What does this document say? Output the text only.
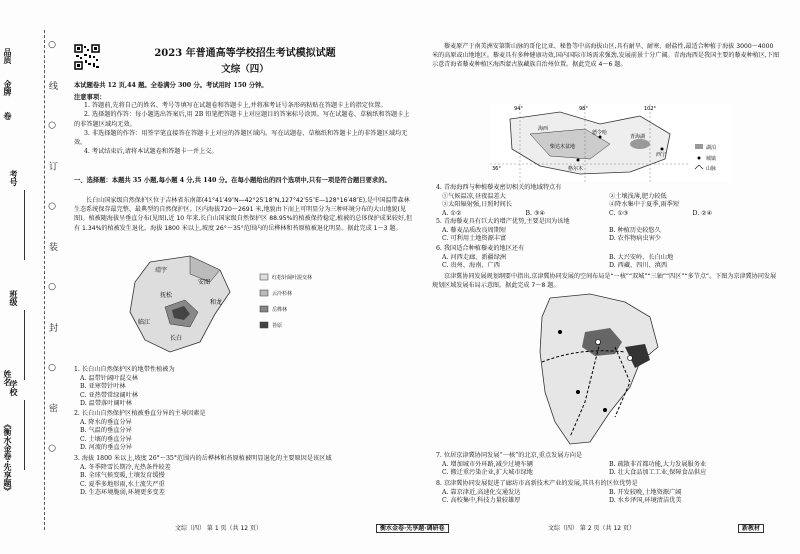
○ 线 ○ 订 ○ 装 ○ 封 ○ 密 ○
考号
班级
学校
《衡水金卷·先享题》
姓名
品质
金牌
卷
2023 年普通高等学校招生考试模拟试题
文综（四）
本试题卷共 12 页,44 题。全卷满分 300 分。考试用时 150 分钟。
注意事项：

1. 答题前,先将自己的姓名、考号等填写在试题卷和答题卡上,并将准考证号条形码粘贴在答题卡上的指定位置。

2. 选择题的作答：每小题选出答案后,用 2B 铅笔把答题卡上对应题目的答案标号涂黑。写在试题卷、草稿纸和答题卡上的非答题区域均无效。

3. 非选择题的作答：用签字笔直接答在答题卡上对应的答题区域内。写在试题卷、草稿纸和答题卡上的非答题区域均无效。

4. 考试结束后,请将本试题卷和答题卡一并上交。

一、选择题：本题共 35 小题,每小题 4 分,共 140 分。在每小题给出的四个选项中,只有一项是符合题目要求的。
长白山国家级自然保护区位于吉林省东南部(41°41′49″N—42°25′18″N,127°42′55″E—128°16′48″E),是中国温带森林生态系统保存最完整、最典型的自然保护区。区内海拔720～2691 米,地貌由下而上可明显分为三种环境分布的大山地貌(见图)。植被随海拔呈垂直分布(见图),近 10 年来,长白山国家级自然保护区 88.95%的植被保持稳定,植被的总体保护成果较好,但有 1.34%的植被发生退化。海拔 1800 米以上,坡度 26°～35°范围内的岳桦林和苔原植被退化明显。据此完成 1～3 题。
靖宇
抚松
安图
长白
临江
和龙
红松针阔叶混交林
云冷杉林
岳桦林
苔原
1. 长白山自然保护区的地带性植被为
A. 温带针阔叶混交林
B. 亚寒带针叶林
C. 亚热带常绿阔叶林
D. 温带落叶阔叶林
2. 长白山自然保护区植被垂直分异的主导因素是
A. 降水的垂直分异
B. 气温的垂直分异
C. 土壤的垂直分异
D. 河流的垂直分异
3. 海拔 1800 米以上,坡度 26°～35°范围内的岳桦林和苔原植被明显退化的主要原因是该区域
A. 冬季降雪长期冷,光热条件较差
B. 全球气候变暖,土壤发育缓慢
C. 夏季多地形雨,水土流失严重
D. 生态环境脆弱,环境更多变差
藜麦原产于南美洲安第斯山脉的哥伦比亚、秘鲁等中高海拔山区,具有耐旱、耐寒、耐盐性,最适合种植于海拔 3000～4000 米的高原或山地地区。藜麦具有多种健康功效,国内国际市场需求强劲,发展前景十分广阔。青海海西是我国主要的藜麦种植区,下图示意青海省藜麦种植区海西蒙古族藏族自治州位置。据此完成 4～6 题。
94°	98°	102°
36°
海西
德令哈
柴达木盆地
格尔木
西宁
青海湖
湖泊
城镇
山脉
4. 青海海西与种植藜麦密切相关的地域特点有
①气候温凉,昼夜温差大	②土壤浅薄,肥力较低
③太阳辐射强,日照时间长	④降水集中于夏季,雨季短
A. ①②	B. ③④	C. ①③	D. ②④
5. 青海藜麦具有巨大的增产优势,主要是因为该地
A. 藜麦品质改良周期短	B. 种植历史较悠久
C. 可利用土地资源丰富	D. 农作物病虫害少
6. 我国适合种植藜麦的地区还有
A. 河西走廊、新疆绿洲	B. 大兴安岭、长白山地
C. 贵州、海南、广西	D. 西藏、四川、滇西
京津冀协同发展规划纲要中指出,京津冀协同发展的空间布局是“一核”“双城”“三轴”“四区”“多节点”。下图为京津冀协同发展规划区域发展布局示意图。据此完成 7～8 题。
7. 位居京津冀协同发展“一核”的北京,重点发展方向是
A. 增加城市外环路,减少过境车辆	B. 疏散非首都功能,大力发展服务业
C. 搬迁重污染企业,扩大城市绿地	D. 壮大食品加工工业,保障食品供应
8. 京津冀协同发展促进了廊坊市高新技术产业的发展,其具有的区位优势是
A. 靠京津近,高速化交通发达	B. 开发较晚,土地资源广阔
C. 高校集中,科技力量较雄厚	D. 水乡泽国,环境清洁优美
文综（四） 第 1 页（共 12 页）	衡水金卷·先享题·调研卷	文综（四） 第 2 页（共 12 页）	新教材
